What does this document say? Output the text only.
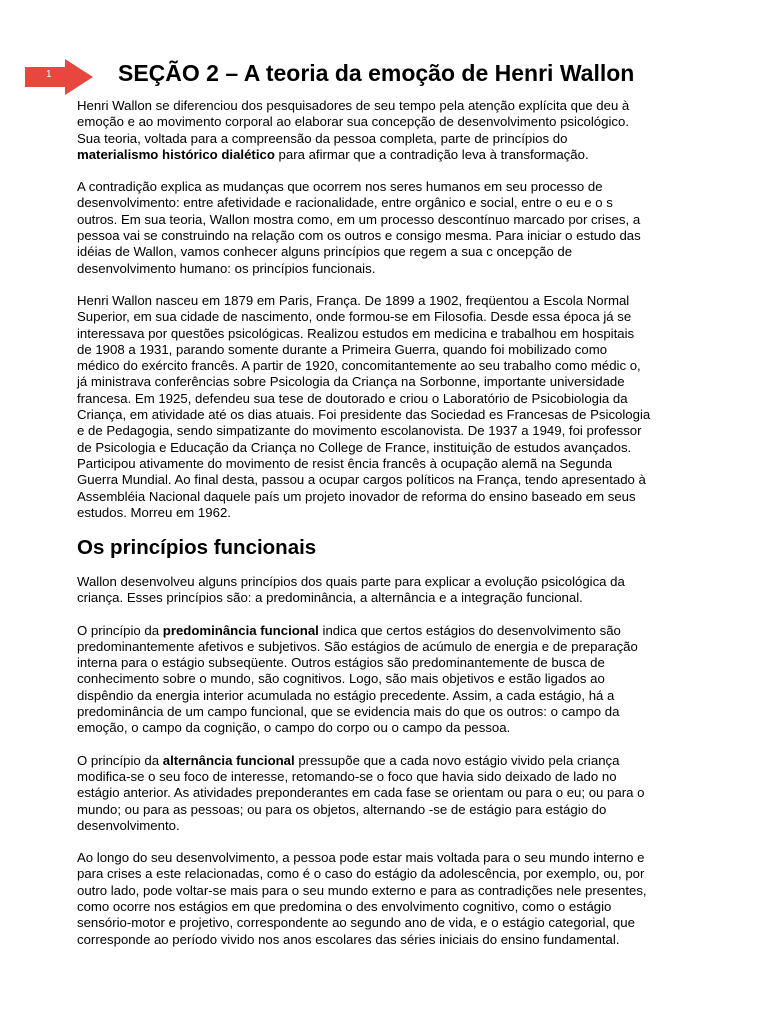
1	SEÇÃO 2 – A teoria da emoção de Henri Wallon

Henri Wallon se diferenciou dos pesquisadores de seu tempo pela atenção explícita que deu à
emoção e ao movimento corporal ao elaborar sua concepção de desenvolvimento psicológico.
Sua teoria, voltada para a compreensão da pessoa completa, parte de princípios do
materialismo histórico dialético para afirmar que a contradição leva à transformação.

A contradição explica as mudanças que ocorrem nos seres humanos em seu processo de
desenvolvimento: entre afetividade e racionalidade, entre orgânico e social, entre o eu e o s
outros. Em sua teoria, Wallon mostra como, em um processo descontínuo marcado por crises, a
pessoa vai se construindo na relação com os outros e consigo mesma. Para iniciar o estudo das
idéias de Wallon, vamos conhecer alguns princípios que regem a sua c oncepção de
desenvolvimento humano: os princípios funcionais.

Henri Wallon nasceu em 1879 em Paris, França. De 1899 a 1902, freqüentou a Escola Normal
Superior, em sua cidade de nascimento, onde formou-se em Filosofia. Desde essa época já se
interessava por questões psicológicas. Realizou estudos em medicina e trabalhou em hospitais
de 1908 a 1931, parando somente durante a Primeira Guerra, quando foi mobilizado como
médico do exército francês. A partir de 1920, concomitantemente ao seu trabalho como médic o,
já ministrava conferências sobre Psicologia da Criança na Sorbonne, importante universidade
francesa. Em 1925, defendeu sua tese de doutorado e criou o Laboratório de Psicobiologia da
Criança, em atividade até os dias atuais. Foi presidente das Sociedad es Francesas de Psicologia
e de Pedagogia, sendo simpatizante do movimento escolanovista. De 1937 a 1949, foi professor
de Psicologia e Educação da Criança no College de France, instituição de estudos avançados.
Participou ativamente do movimento de resist ência francês à ocupação alemã na Segunda
Guerra Mundial. Ao final desta, passou a ocupar cargos políticos na França, tendo apresentado à
Assembléia Nacional daquele país um projeto inovador de reforma do ensino baseado em seus
estudos. Morreu em 1962.

Os princípios funcionais

Wallon desenvolveu alguns princípios dos quais parte para explicar a evolução psicológica da
criança. Esses princípios são: a predominância, a alternância e a integração funcional.

O princípio da predominância funcional indica que certos estágios do desenvolvimento são
predominantemente afetivos e subjetivos. São estágios de acúmulo de energia e de preparação
interna para o estágio subseqüente. Outros estágios são predominantemente de busca de
conhecimento sobre o mundo, são cognitivos. Logo, são mais objetivos e estão ligados ao
dispêndio da energia interior acumulada no estágio precedente. Assim, a cada estágio, há a
predominância de um campo funcional, que se evidencia mais do que os outros: o campo da
emoção, o campo da cognição, o campo do corpo ou o campo da pessoa.

O princípio da alternância funcional pressupõe que a cada novo estágio vivido pela criança
modifica-se o seu foco de interesse, retomando-se o foco que havia sido deixado de lado no
estágio anterior. As atividades preponderantes em cada fase se orientam ou para o eu; ou para o
mundo; ou para as pessoas; ou para os objetos, alternando -se de estágio para estágio do
desenvolvimento.

Ao longo do seu desenvolvimento, a pessoa pode estar mais voltada para o seu mundo interno e
para crises a este relacionadas, como é o caso do estágio da adolescência, por exemplo, ou, por
outro lado, pode voltar-se mais para o seu mundo externo e para as contradições nele presentes,
como ocorre nos estágios em que predomina o des envolvimento cognitivo, como o estágio
sensório-motor e projetivo, correspondente ao segundo ano de vida, e o estágio categorial, que
corresponde ao período vivido nos anos escolares das séries iniciais do ensino fundamental.
